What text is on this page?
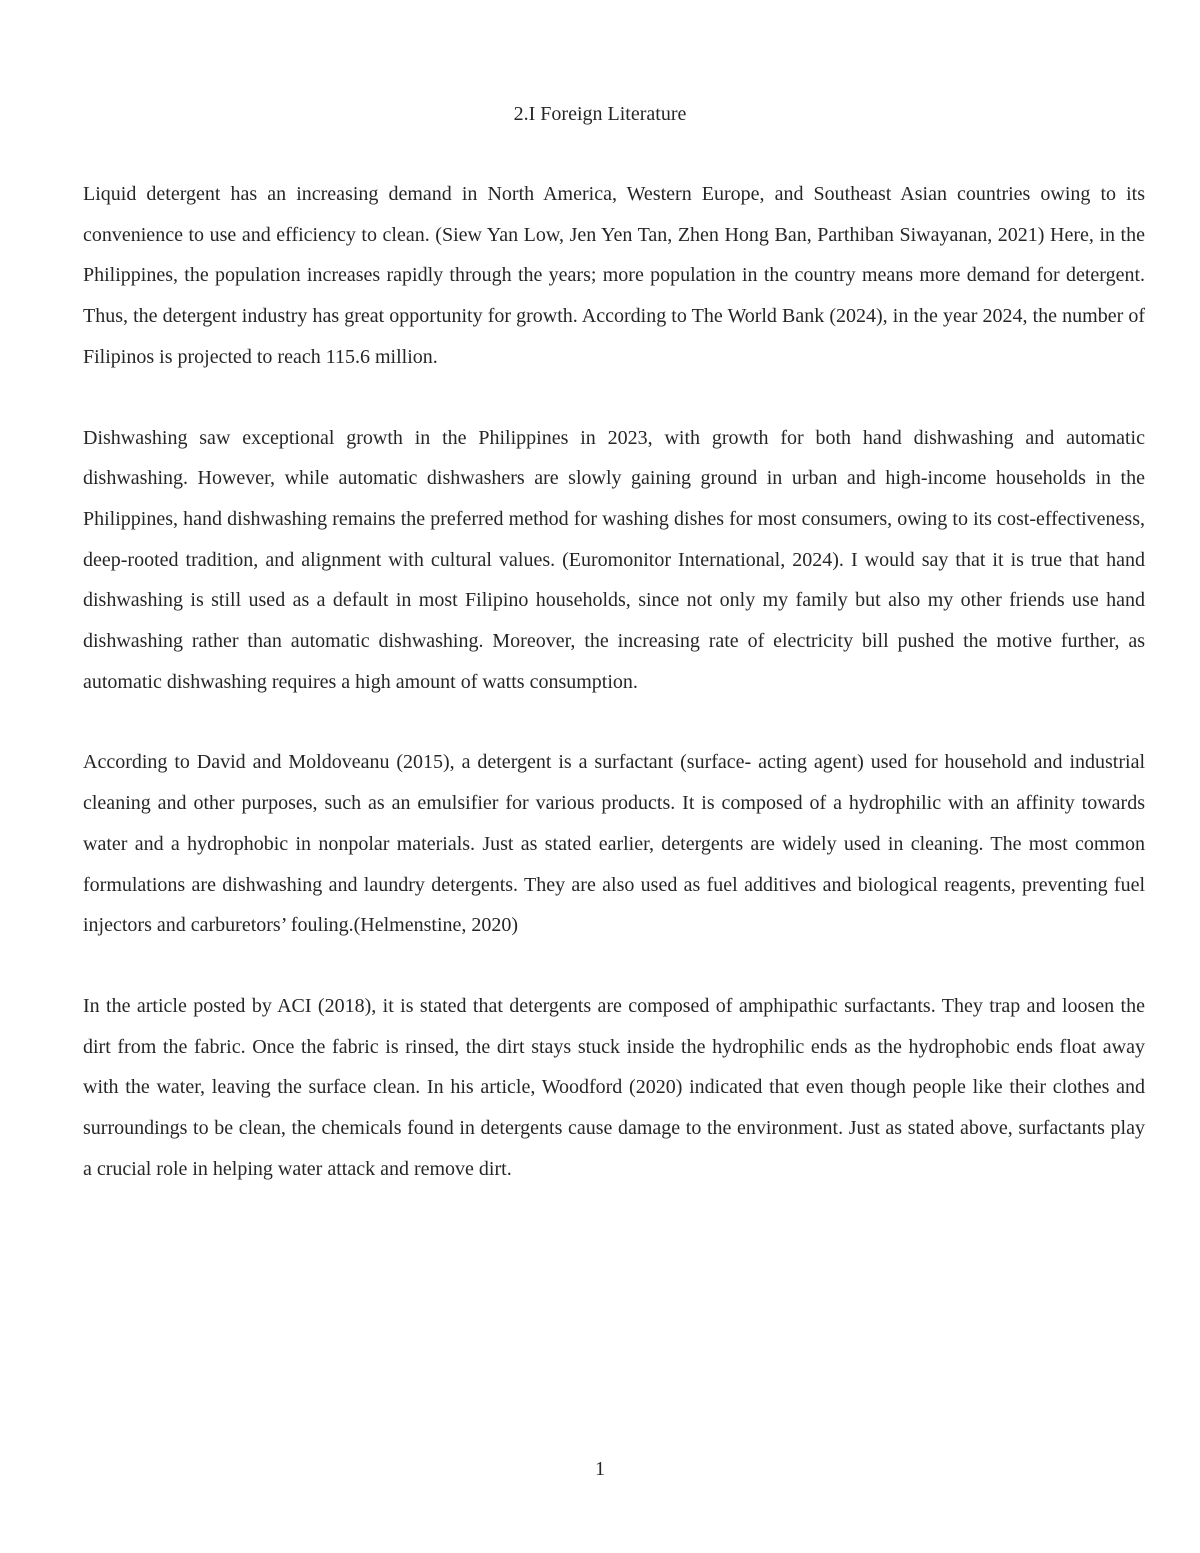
2.I Foreign Literature

Liquid detergent has an increasing demand in North America, Western Europe, and Southeast Asian countries owing to its convenience to use and efficiency to clean. (Siew Yan Low, Jen Yen Tan, Zhen Hong Ban, Parthiban Siwayanan, 2021) Here, in the Philippines, the population increases rapidly through the years; more population in the country means more demand for detergent. Thus, the detergent industry has great opportunity for growth. According to The World Bank (2024), in the year 2024, the number of Filipinos is projected to reach 115.6 million.

Dishwashing saw exceptional growth in the Philippines in 2023, with growth for both hand dishwashing and automatic dishwashing. However, while automatic dishwashers are slowly gaining ground in urban and high-income households in the Philippines, hand dishwashing remains the preferred method for washing dishes for most consumers, owing to its cost-effectiveness, deep-rooted tradition, and alignment with cultural values. (Euromonitor International, 2024). I would say that it is true that hand dishwashing is still used as a default in most Filipino households, since not only my family but also my other friends use hand dishwashing rather than automatic dishwashing. Moreover, the increasing rate of electricity bill pushed the motive further, as automatic dishwashing requires a high amount of watts consumption.

According to David and Moldoveanu (2015), a detergent is a surfactant (surface- acting agent) used for household and industrial cleaning and other purposes, such as an emulsifier for various products. It is composed of a hydrophilic with an affinity towards water and a hydrophobic in nonpolar materials. Just as stated earlier, detergents are widely used in cleaning. The most common formulations are dishwashing and laundry detergents. They are also used as fuel additives and biological reagents, preventing fuel injectors and carburetors’ fouling.(Helmenstine, 2020)

In the article posted by ACI (2018), it is stated that detergents are composed of amphipathic surfactants. They trap and loosen the dirt from the fabric. Once the fabric is rinsed, the dirt stays stuck inside the hydrophilic ends as the hydrophobic ends float away with the water, leaving the surface clean. In his article, Woodford (2020) indicated that even though people like their clothes and surroundings to be clean, the chemicals found in detergents cause damage to the environment. Just as stated above, surfactants play a crucial role in helping water attack and remove dirt.

1
